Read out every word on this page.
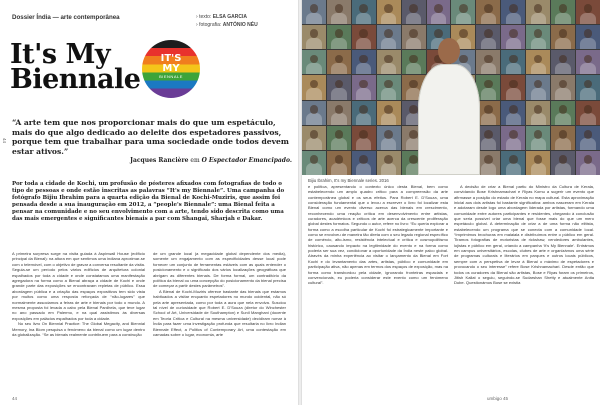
Dossier Índia — arte contemporânea	› texto: ELSA GARCIA
› fotografia: ANTÓNIO NÉU
44
It's My
Biennale
IT'S
MY
BIENNALE

“A arte tem que nos proporcionar mais do que um espetáculo, mais do que algo dedicado ao deleite dos espetadores passivos, porque tem que trabalhar para uma sociedade onde todos devem estar ativos.”

Jacques Rancière em O Espectador Emancipado.

Por toda a cidade de Kochi, um profusão de pósteres afixados com fotografias de todo o tipo de pessoas e onde estão inscritas as palavras “It's my Biennale”. Uma campanha do fotógrafo Bijiu Ibrahim para a quarta edição da Bienal de Kochi-Muziris, que assim foi pensada desde a sua inauguração em 2012, a “people's Biennale”: uma Bienal feita a pensar na comunidade e no seu envolvimento com a arte, tendo sido descrita como uma das mais emergentes e significantes bienais a par com Shangai, Sharjah e Dakar.

A primeira surpresa surge na visita guiada à Aspinwall House (edifício principal da Bienal): na altura em que sentimos uma indiana aproximar-se com o telemóvel, com o objetivo de gravar a conversa resultante da visita. Seguia-se um período pelos vários edifícios de arquitetura colonial espalhados por toda a cidade e onde constatamos uma manifestação agregadora na forma como a Bienal abraça a cidade de Kochi e onde grande parte das exposições se encontravam repletas de público. Essa abordagem pública e a criação das espaços expositivos tem sido vista por muitos como uma resposta reforçada de “não-lugares” que normalmente associamos a feiras de arte e bienais por todo o mundo. A mesma proposta foi levada a cabo pela Bienal Pardhela, que teve lugar no ano passado em Palermo, e na qual assistimos às diversas exposições em palácios espalhados por toda a cidade.

No seu livro On Biennial Practice: The Global Megacity, and Biennial Memory, Ina Blom pesquisa o fenómeno da bienal como um lugar dentro da globalização. “Se as bienais realmente contribuem para a construção

de um grande local (a megacidade global dependente dos media), somente um engajamento com as especificidades desse local pode fornecer um conjunto de ferramentas estáveis com as quais entender o posicionamento e o significado dos vários localizações geográficas que abrigam as diferentes bienais. De forma formal, um contraditório da política da bienal ou uma concepção do posicionamento da bienal precisa de começar a partir destes parâmetros”.

A Bienal de Kochi-Muziris oferece bastante das bienais que estamos habituados a visitar enquanto espetadores no mundo ocidental, não só pela arte apresentada, como por toda a aura que nela envolva. Susciou tal nível de curiosidade que Robert E. D'Souza (diretor do Winchester School of Art, Universidade de Southampton) e Sunil Manghani (docente em Teoria Crítica e Cultural na mesma universidade) decidiram rumar à Índia para fazer uma investigação profunda que resultaria no livro Indian Biennale Effect, a Politics of Contemporary Art, uma contestação em camadas sobre o lugar, economia, arte

44
Bijiu Ibrahim, It's my Biennale series. 2016

e política, apresentando o contexto único desta Bienal, bem como estabelecendo um amplo quadro crítico para a compreensão da arte contemporânea global e os seus efeitos. Para Robert E. D'Souza, uma consideração fundamental que o levou a escrever o livro foi localizar esta Bienal como um evento diverso acerca das bienais em crescimento, reconhecendo uma reação crítica em desenvolvimento entre artistas, curadores, académicos e críticos de arte acerca da crescente proliferação global destes formatos. Segundo o autor, refere no livro: “Eu queria explorar a forma como a escolha particular de Kochi foi estrategicamente importante e como se envolveu de maneira tão direta com o seu legado regional específico de comércio, alto-ismo, resistência intelectual e crítica e cosmopolitismo histórico, causando impacto na legitimidade do evento e na forma como poderia ser sua vez, condicionar a oportunidade da Índia neste palco global. Através da minha experiência ao visitar o lançamento da Bienal em Fort Kochi e do levantamento das artes, artistas, público e comunidade em participação ativa, não apenas em termos dos espaços de exposição, mas na forma como transbordou pela cidade, ignorando fronteiras espaciais e convencionais, eu poderia considerar este evento como um fenómeno cultural”.

A decisão de criar a Bienal partiu do Ministro da Cultura de Kerala, convidando Bose Krishnamachari e Riyas Komu a sugerir um evento que afirmasse a posição do estado de Kerala no mapa cultural. Esta aproximação inicial aos dois artistas foi bastante significativa: ambos nasceram em Kerala e adotaram desde logo uma abordagem liderada por artistas, formando uma comunidade entre autores participantes e residentes, chegando à conclusão que seria possível criar uma bienal que fosse mais do que um mero espetáculo global. A determinação de criar a de uma forma não elitista, estabelecendo um programa que se conecta com a comunidade local. “Imprimimos brochuras em malaiala e distribuímos entre o público em geral. Tiramos fotografias de motoristas de rickshaw, vendedores ambulantes, lojistas e público em geral, criando a campanha ‘It's My Biennale’. Entrámos em campus universitários, escolas, clubes de arte e organizámos uma série de programas culturais e literários em parques e outros locais públicos, sempre com a perspetiva de levar à Bienal o máximo de espetadores e provocando o seu interesse” refere Bose Krishnamachari. Desde então que todos os curadores da Bienal são artistas, Bose e Riyas foram os primeiros, Jitish Kallat o seguiu, seguindo-se Sudarshan Shetty e atualmente Anita Dube. Questionámos Bose se existia

umbigo 45
